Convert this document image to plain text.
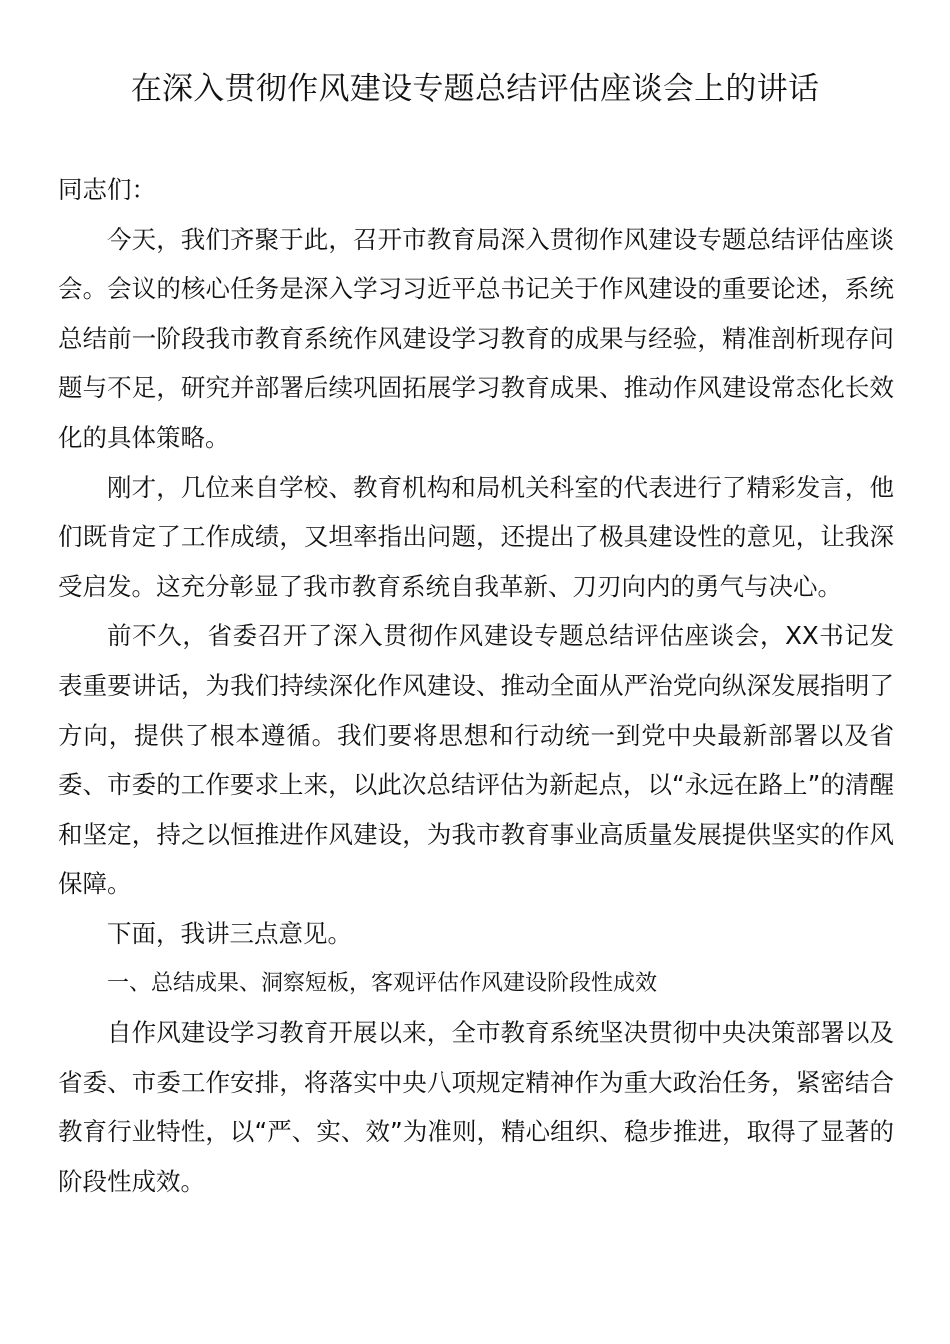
在深入贯彻作风建设专题总结评估座谈会上的讲话

同志们：

今天，我们齐聚于此，召开市教育局深入贯彻作风建设专题总结评估座谈会。会议的核心任务是深入学习习近平总书记关于作风建设的重要论述，系统总结前一阶段我市教育系统作风建设学习教育的成果与经验，精准剖析现存问题与不足，研究并部署后续巩固拓展学习教育成果、推动作风建设常态化长效化的具体策略。

刚才，几位来自学校、教育机构和局机关科室的代表进行了精彩发言，他们既肯定了工作成绩，又坦率指出问题，还提出了极具建设性的意见，让我深受启发。这充分彰显了我市教育系统自我革新、刀刃向内的勇气与决心。

前不久，省委召开了深入贯彻作风建设专题总结评估座谈会，XX书记发表重要讲话，为我们持续深化作风建设、推动全面从严治党向纵深发展指明了方向，提供了根本遵循。我们要将思想和行动统一到党中央最新部署以及省委、市委的工作要求上来，以此次总结评估为新起点，以“永远在路上”的清醒和坚定，持之以恒推进作风建设，为我市教育事业高质量发展提供坚实的作风保障。

下面，我讲三点意见。

一、总结成果、洞察短板，客观评估作风建设阶段性成效

自作风建设学习教育开展以来，全市教育系统坚决贯彻中央决策部署以及省委、市委工作安排，将落实中央八项规定精神作为重大政治任务，紧密结合教育行业特性，以“严、实、效”为准则，精心组织、稳步推进，取得了显著的阶段性成效。
